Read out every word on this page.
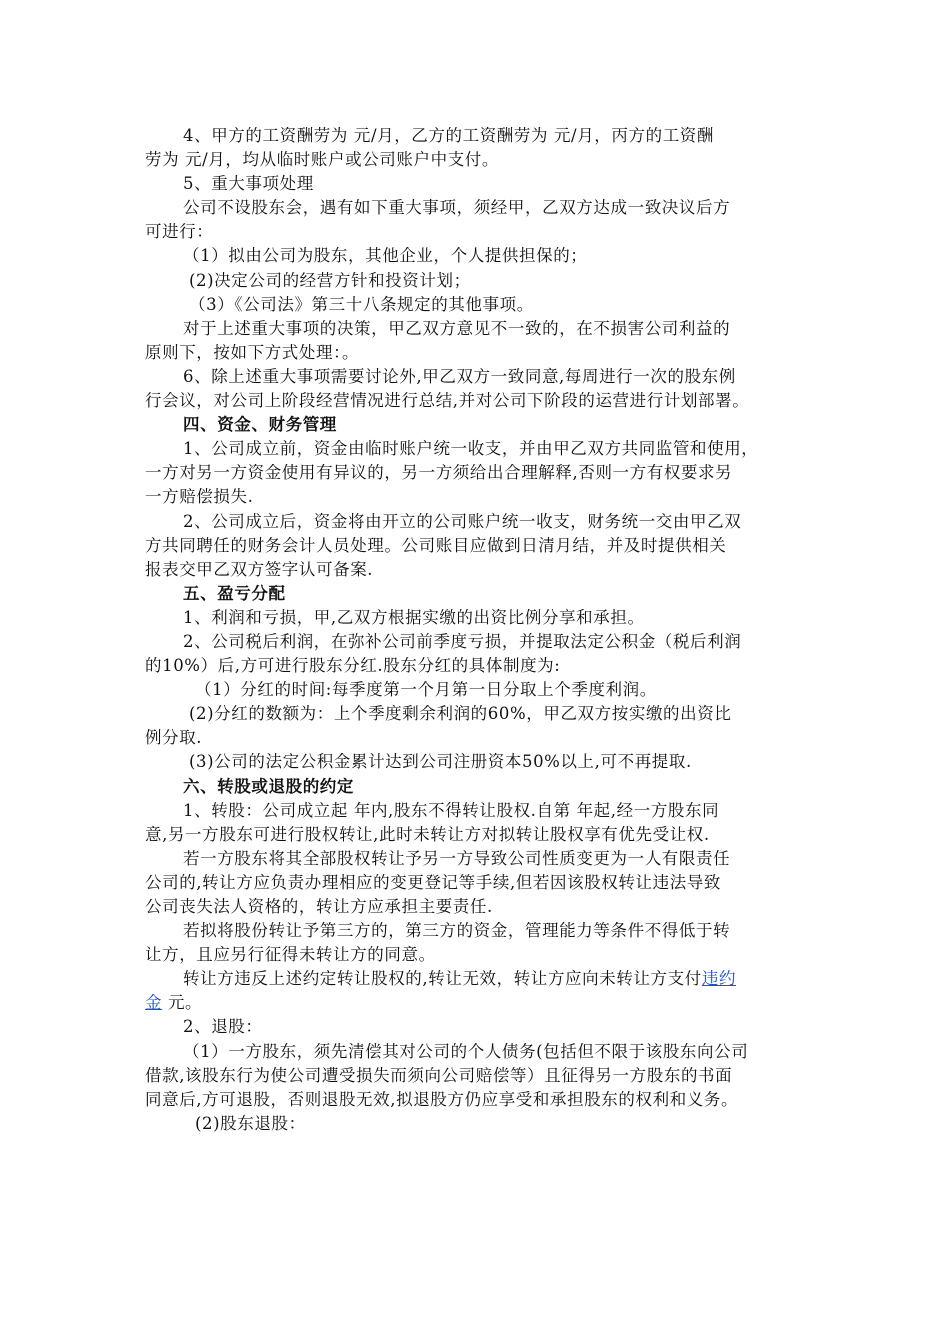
4、甲方的工资酬劳为 元/月，乙方的工资酬劳为 元/月，丙方的工资酬
劳为 元/月，均从临时账户或公司账户中支付。
5、重大事项处理
公司不设股东会，遇有如下重大事项，须经甲，乙双方达成一致决议后方
可进行：
（1）拟由公司为股东，其他企业，个人提供担保的；
(2)决定公司的经营方针和投资计划；
（3）《公司法》第三十八条规定的其他事项。
对于上述重大事项的决策，甲乙双方意见不一致的，在不损害公司利益的
原则下，按如下方式处理：。
6、除上述重大事项需要讨论外,甲乙双方一致同意,每周进行一次的股东例
行会议，对公司上阶段经营情况进行总结,并对公司下阶段的运营进行计划部署。
四、资金、财务管理
1、公司成立前，资金由临时账户统一收支，并由甲乙双方共同监管和使用，
一方对另一方资金使用有异议的，另一方须给出合理解释,否则一方有权要求另
一方赔偿损失.
2、公司成立后，资金将由开立的公司账户统一收支，财务统一交由甲乙双
方共同聘任的财务会计人员处理。公司账目应做到日清月结，并及时提供相关
报表交甲乙双方签字认可备案.
五、盈亏分配
1、利润和亏损，甲,乙双方根据实缴的出资比例分享和承担。
2、公司税后利润，在弥补公司前季度亏损，并提取法定公积金（税后利润
的10%）后,方可进行股东分红.股东分红的具体制度为:
（1）分红的时间:每季度第一个月第一日分取上个季度利润。
(2)分红的数额为：上个季度剩余利润的60%，甲乙双方按实缴的出资比
例分取.
(3)公司的法定公积金累计达到公司注册资本50%以上,可不再提取.
六、转股或退股的约定
1、转股：公司成立起 年内,股东不得转让股权.自第 年起,经一方股东同
意,另一方股东可进行股权转让,此时未转让方对拟转让股权享有优先受让权.
若一方股东将其全部股权转让予另一方导致公司性质变更为一人有限责任
公司的,转让方应负责办理相应的变更登记等手续,但若因该股权转让违法导致
公司丧失法人资格的，转让方应承担主要责任.
若拟将股份转让予第三方的，第三方的资金，管理能力等条件不得低于转
让方，且应另行征得未转让方的同意。
转让方违反上述约定转让股权的,转让无效，转让方应向未转让方支付违约
金 元。
2、退股：
（1）一方股东，须先清偿其对公司的个人债务(包括但不限于该股东向公司
借款,该股东行为使公司遭受损失而须向公司赔偿等）且征得另一方股东的书面
同意后,方可退股，否则退股无效,拟退股方仍应享受和承担股东的权利和义务。
(2)股东退股：
